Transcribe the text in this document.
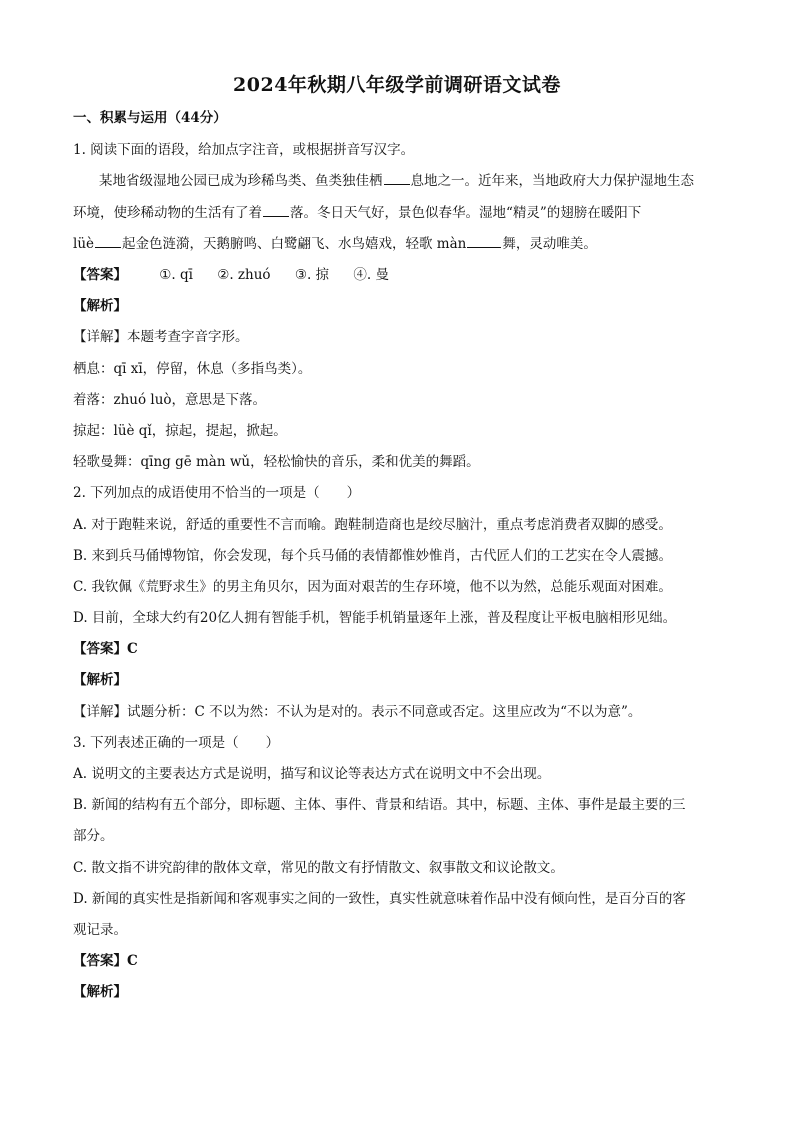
2024年秋期八年级学前调研语文试卷
一、积累与运用（44分）
1. 阅读下面的语段，给加点字注音，或根据拼音写汉字。
某地省级湿地公园已成为珍稀鸟类、鱼类独佳栖 息地之一。近年来，当地政府大力保护湿地生态
环境，使珍稀动物的生活有了着 落。冬日天气好，景色似春华。湿地“精灵”的翅膀在暖阳下
lüè 起金色涟漪，天鹅腑鸣、白鹭翩飞、水鸟嬉戏，轻歌 màn	舞，灵动唯美。
【答案】 ①. qī ②. zhuó ③. 掠 ④. 曼
【解析】
【详解】本题考查字音字形。
栖息：qī xī，停留，休息（多指鸟类）。
着落：zhuó luò，意思是下落。
掠起：lüè qǐ，掠起，提起，掀起。
轻歌曼舞：qīng gē màn wǔ，轻松愉快的音乐，柔和优美的舞蹈。
2. 下列加点的成语使用不恰当的一项是（　　）
A. 对于跑鞋来说，舒适的重要性不言而喻。跑鞋制造商也是绞尽脑汁，重点考虑消费者双脚的感受。
B. 来到兵马俑博物馆，你会发现，每个兵马俑的表情都惟妙惟肖，古代匠人们的工艺实在令人震撼。
C. 我钦佩《荒野求生》的男主角贝尔，因为面对艰苦的生存环境，他不以为然，总能乐观面对困难。
D. 目前，全球大约有20亿人拥有智能手机，智能手机销量逐年上涨，普及程度让平板电脑相形见绌。
【答案】C
【解析】
【详解】试题分析：C 不以为然：不认为是对的。表示不同意或否定。这里应改为“不以为意”。
3. 下列表述正确的一项是（　　）
A. 说明文的主要表达方式是说明，描写和议论等表达方式在说明文中不会出现。
B. 新闻的结构有五个部分，即标题、主体、事件、背景和结语。其中，标题、主体、事件是最主要的三
部分。
C. 散文指不讲究韵律的散体文章，常见的散文有抒情散文、叙事散文和议论散文。
D. 新闻的真实性是指新闻和客观事实之间的一致性，真实性就意味着作品中没有倾向性，是百分百的客
观记录。
【答案】C
【解析】
